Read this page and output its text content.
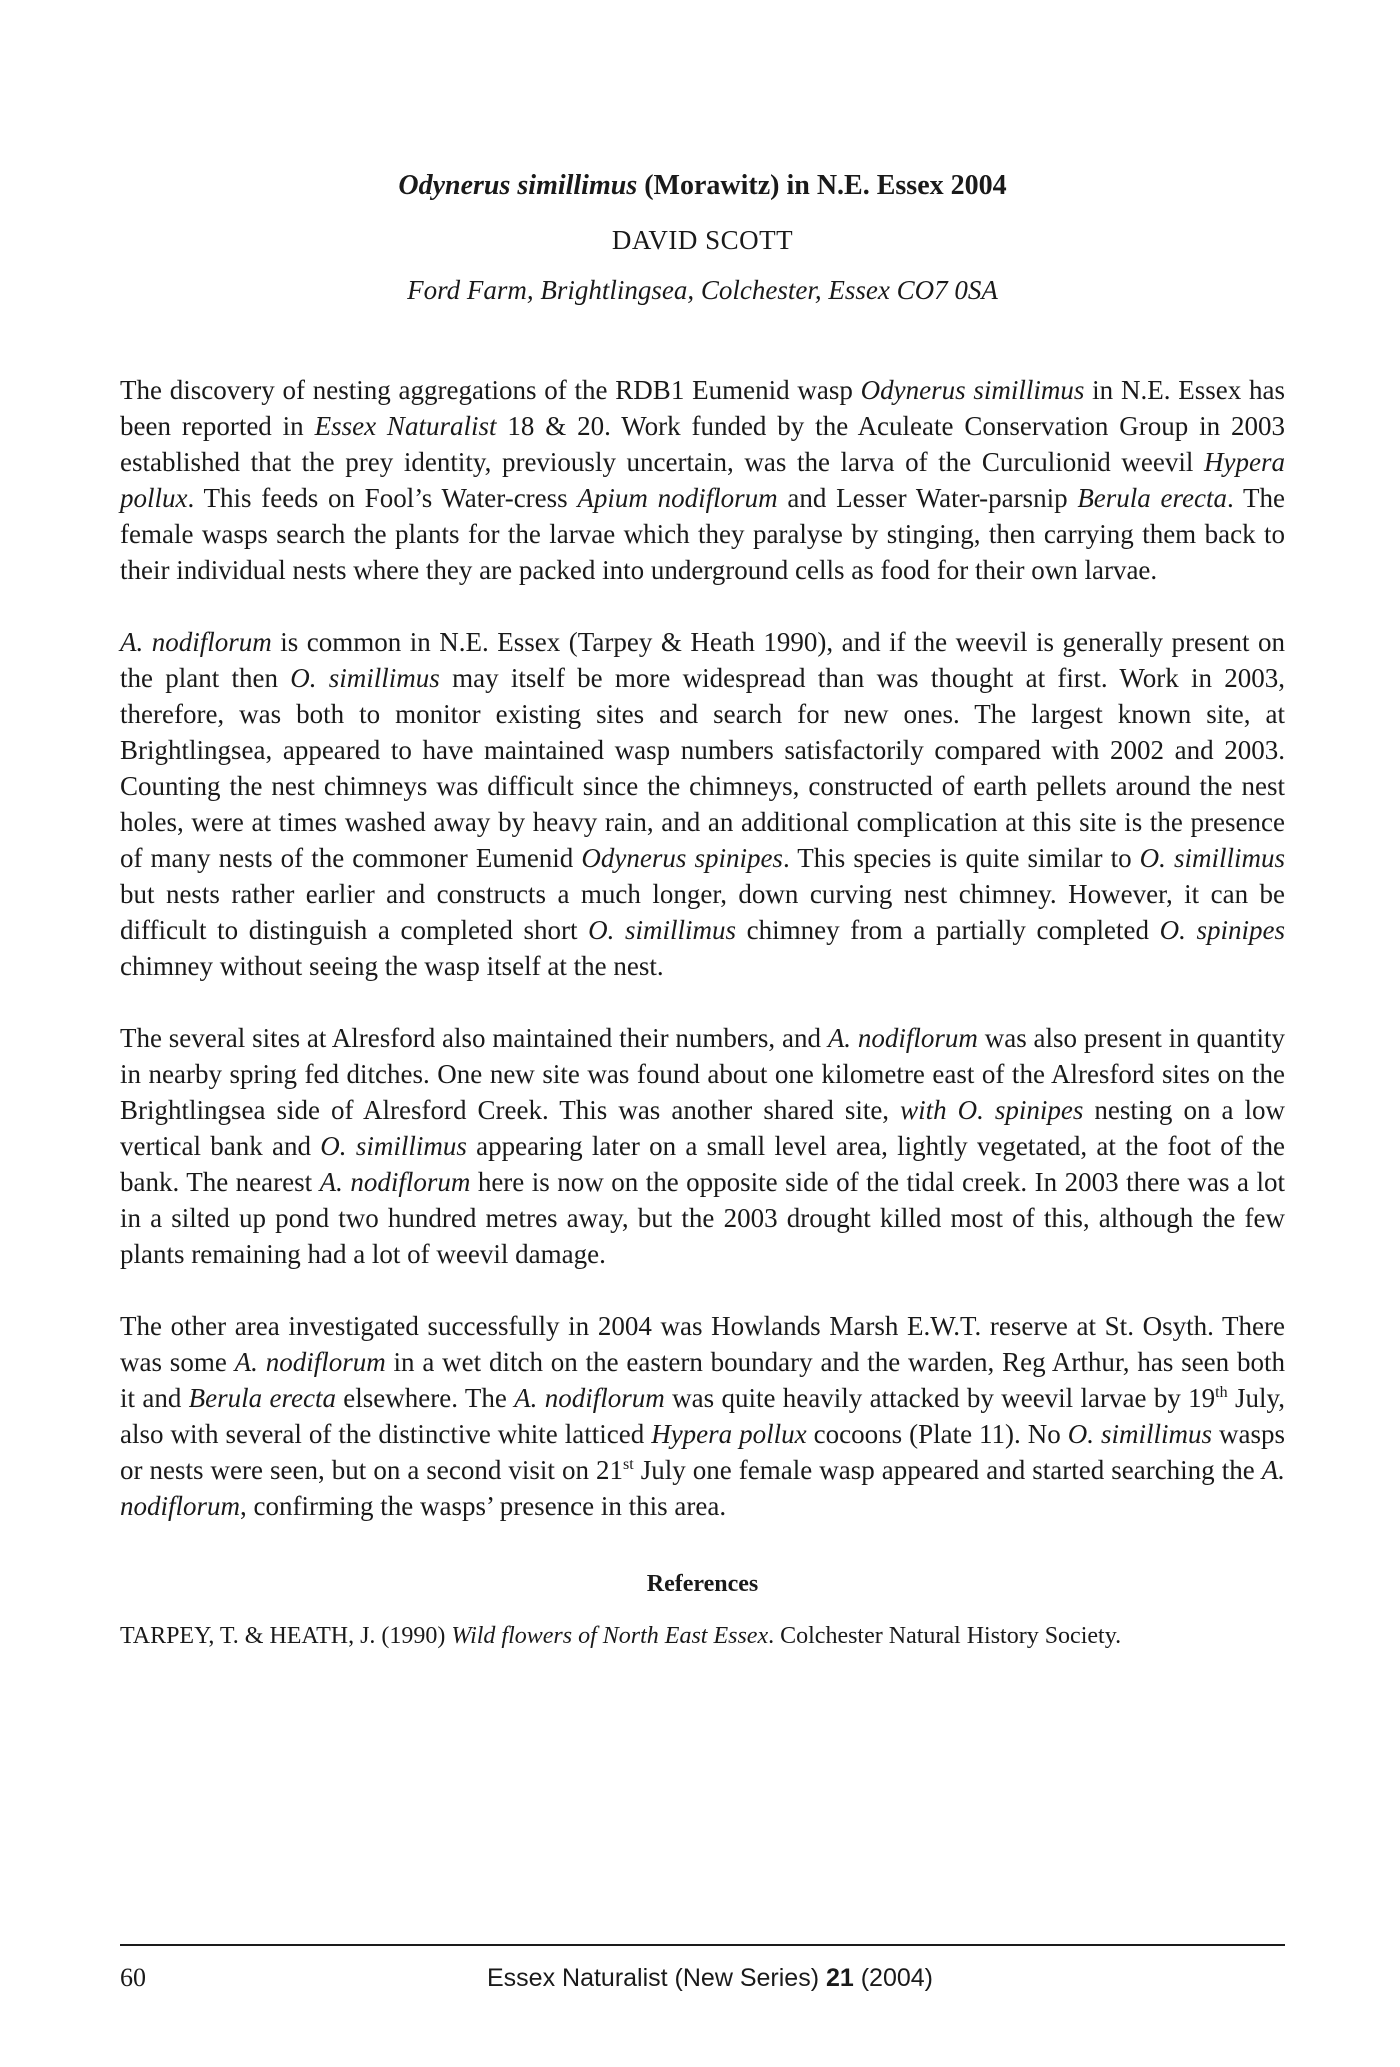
Odynerus simillimus (Morawitz) in N.E. Essex 2004
DAVID SCOTT
Ford Farm, Brightlingsea, Colchester, Essex CO7 0SA

The discovery of nesting aggregations of the RDB1 Eumenid wasp Odynerus simillimus in N.E. Essex has been reported in Essex Naturalist 18 & 20. Work funded by the Aculeate Conservation Group in 2003 established that the prey identity, previously uncertain, was the larva of the Curculionid weevil Hypera pollux. This feeds on Fool’s Water-cress Apium nodiflorum and Lesser Water-parsnip Berula erecta. The female wasps search the plants for the larvae which they paralyse by stinging, then carrying them back to their individual nests where they are packed into underground cells as food for their own larvae.

A. nodiflorum is common in N.E. Essex (Tarpey & Heath 1990), and if the weevil is generally present on the plant then O. simillimus may itself be more widespread than was thought at first. Work in 2003, therefore, was both to monitor existing sites and search for new ones. The largest known site, at Brightlingsea, appeared to have maintained wasp numbers satisfactorily compared with 2002 and 2003. Counting the nest chimneys was difficult since the chimneys, constructed of earth pellets around the nest holes, were at times washed away by heavy rain, and an additional complication at this site is the presence of many nests of the commoner Eumenid Odynerus spinipes. This species is quite similar to O. simillimus but nests rather earlier and constructs a much longer, down curving nest chimney. However, it can be difficult to distinguish a completed short O. simillimus chimney from a partially completed O. spinipes chimney without seeing the wasp itself at the nest.

The several sites at Alresford also maintained their numbers, and A. nodiflorum was also present in quantity in nearby spring fed ditches. One new site was found about one kilometre east of the Alresford sites on the Brightlingsea side of Alresford Creek. This was another shared site, with O. spinipes nesting on a low vertical bank and O. simillimus appearing later on a small level area, lightly vegetated, at the foot of the bank. The nearest A. nodiflorum here is now on the opposite side of the tidal creek. In 2003 there was a lot in a silted up pond two hundred metres away, but the 2003 drought killed most of this, although the few plants remaining had a lot of weevil damage.

The other area investigated successfully in 2004 was Howlands Marsh E.W.T. reserve at St. Osyth. There was some A. nodiflorum in a wet ditch on the eastern boundary and the warden, Reg Arthur, has seen both it and Berula erecta elsewhere. The A. nodiflorum was quite heavily attacked by weevil larvae by 19th July, also with several of the distinctive white latticed Hypera pollux cocoons (Plate 11). No O. simillimus wasps or nests were seen, but on a second visit on 21st July one female wasp appeared and started searching the A. nodiflorum, confirming the wasps’ presence in this area.

References
TARPEY, T. & HEATH, J. (1990) Wild flowers of North East Essex. Colchester Natural History Society.
60	Essex Naturalist (New Series) 21 (2004)
